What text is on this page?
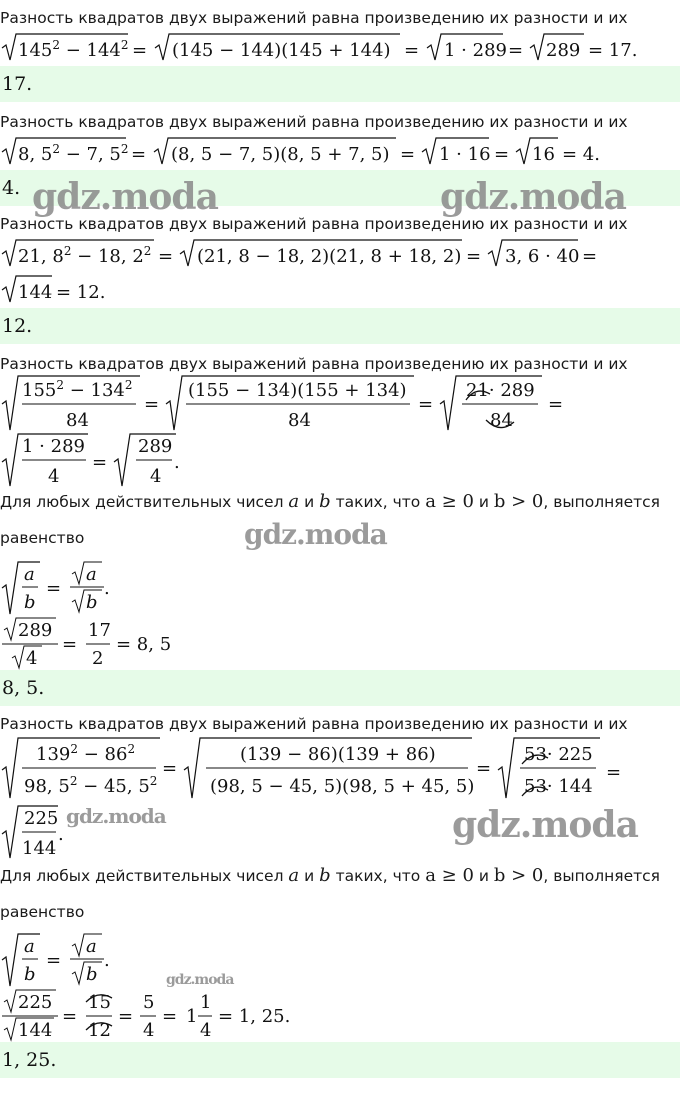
Разность квадратов двух выражений равна произведению их разности и их
$145^2 - 144^2 = (145 - 144)(145 + 144) = 1 \cdot 289 = 289 = 17$.
17.
Разность квадратов двух выражений равна произведению их разности и их
8, $5^2 - 7$, $5^2 = (8$, 5 − 7, 5)(8, 5 + 7, 5) = 1 · 16 = 16 = 4.
4. gdz.moda	gdz.moda
Разность квадратов двух выражений равна произведению их разности и их
21, $8^2 - 18$, $2^2 = (21$, 8 − 18, 2)(21, 8 + 18, 2) = 3, 6 · 40 =
144 = 12.
12.
Разность квадратов двух выражений равна произведению их разности и их
$155^2 - 134^2$
84
=
(155 − 134)(155 + 134)
84
=
21· 289
84
=
1 · 289
4
=
289
4
.
Для любых действительных чисел a и b таких, что a ≥ 0 и b > 0, выполняется
равенство	gdz.moda
a
b
=
a
b
.
289
4
=
17
2
= 8, 5
8, 5.
Разность квадратов двух выражений равна произведению их разности и их
$139^2 - 86^2$
98, $5^2 - 45$, $5^2$
=
(139 − 86)(139 + 86)
(98, 5 − 45, 5)(98, 5 + 45, 5)
=
53· 225
53· 144
=
225
144
.
gdz.moda	gdz.moda
Для любых действительных чисел a и b таких, что a ≥ 0 и b > 0, выполняется
равенство
gdz.moda
a
b
=
a
b
.
225
144
=
15
12
=
5
4
= 1
1
4
= 1, 25.
1, 25.
